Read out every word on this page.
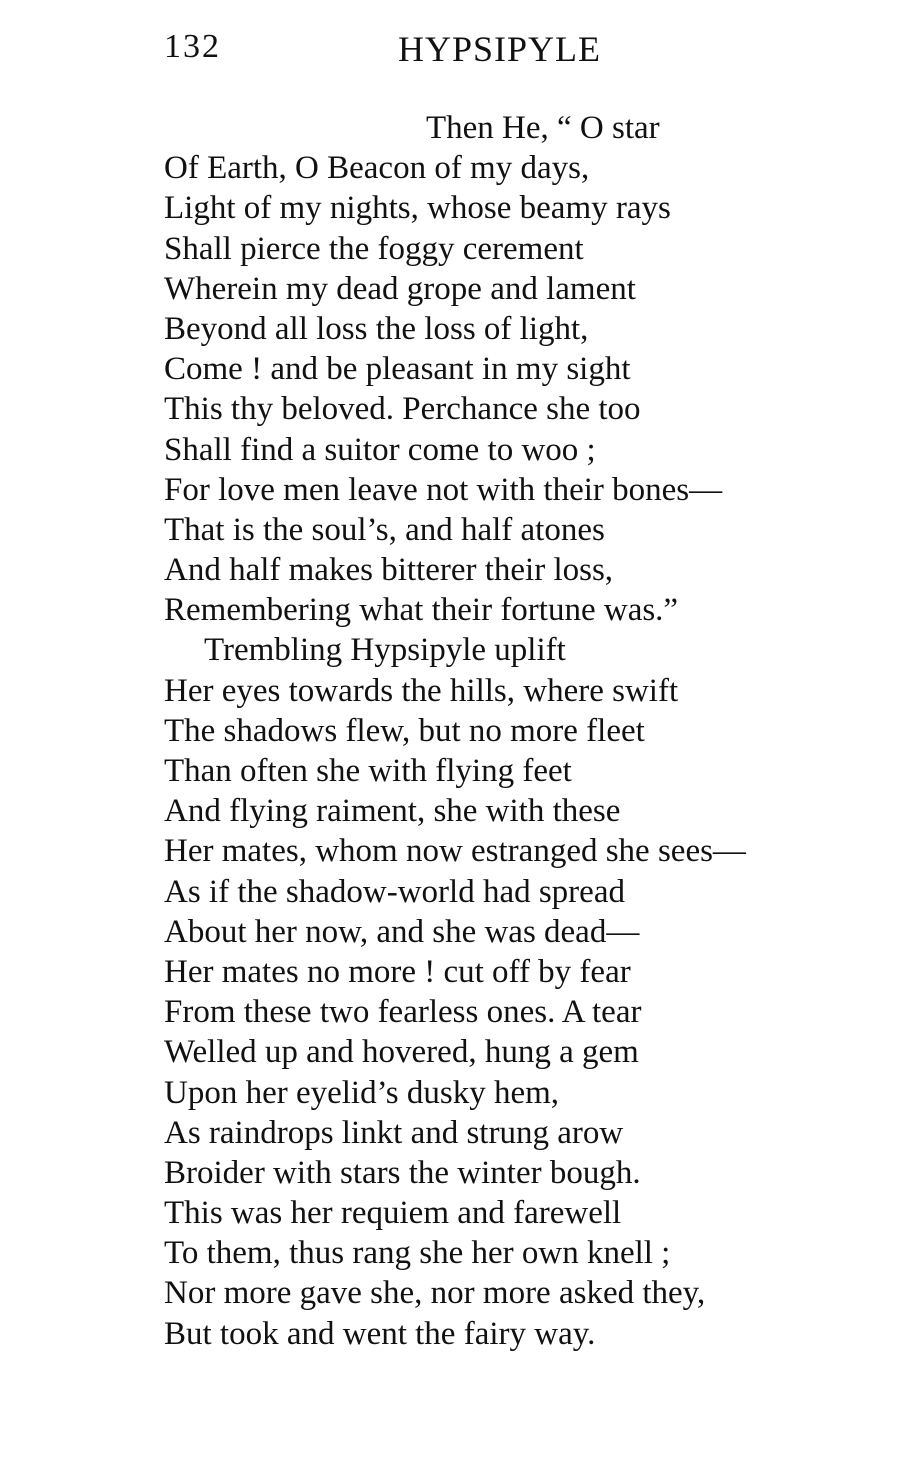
132	HYPSIPYLE
Then He, “ O star
Of Earth, O Beacon of my days,
Light of my nights, whose beamy rays
Shall pierce the foggy cerement
Wherein my dead grope and lament
Beyond all loss the loss of light,
Come ! and be pleasant in my sight
This thy beloved. Perchance she too
Shall find a suitor come to woo ;
For love men leave not with their bones—
That is the soul’s, and half atones
And half makes bitterer their loss,
Remembering what their fortune was.”
Trembling Hypsipyle uplift
Her eyes towards the hills, where swift
The shadows flew, but no more fleet
Than often she with flying feet
And flying raiment, she with these
Her mates, whom now estranged she sees—
As if the shadow-world had spread
About her now, and she was dead—
Her mates no more ! cut off by fear
From these two fearless ones. A tear
Welled up and hovered, hung a gem
Upon her eyelid’s dusky hem,
As raindrops linkt and strung arow
Broider with stars the winter bough.
This was her requiem and farewell
To them, thus rang she her own knell ;
Nor more gave she, nor more asked they,
But took and went the fairy way.
